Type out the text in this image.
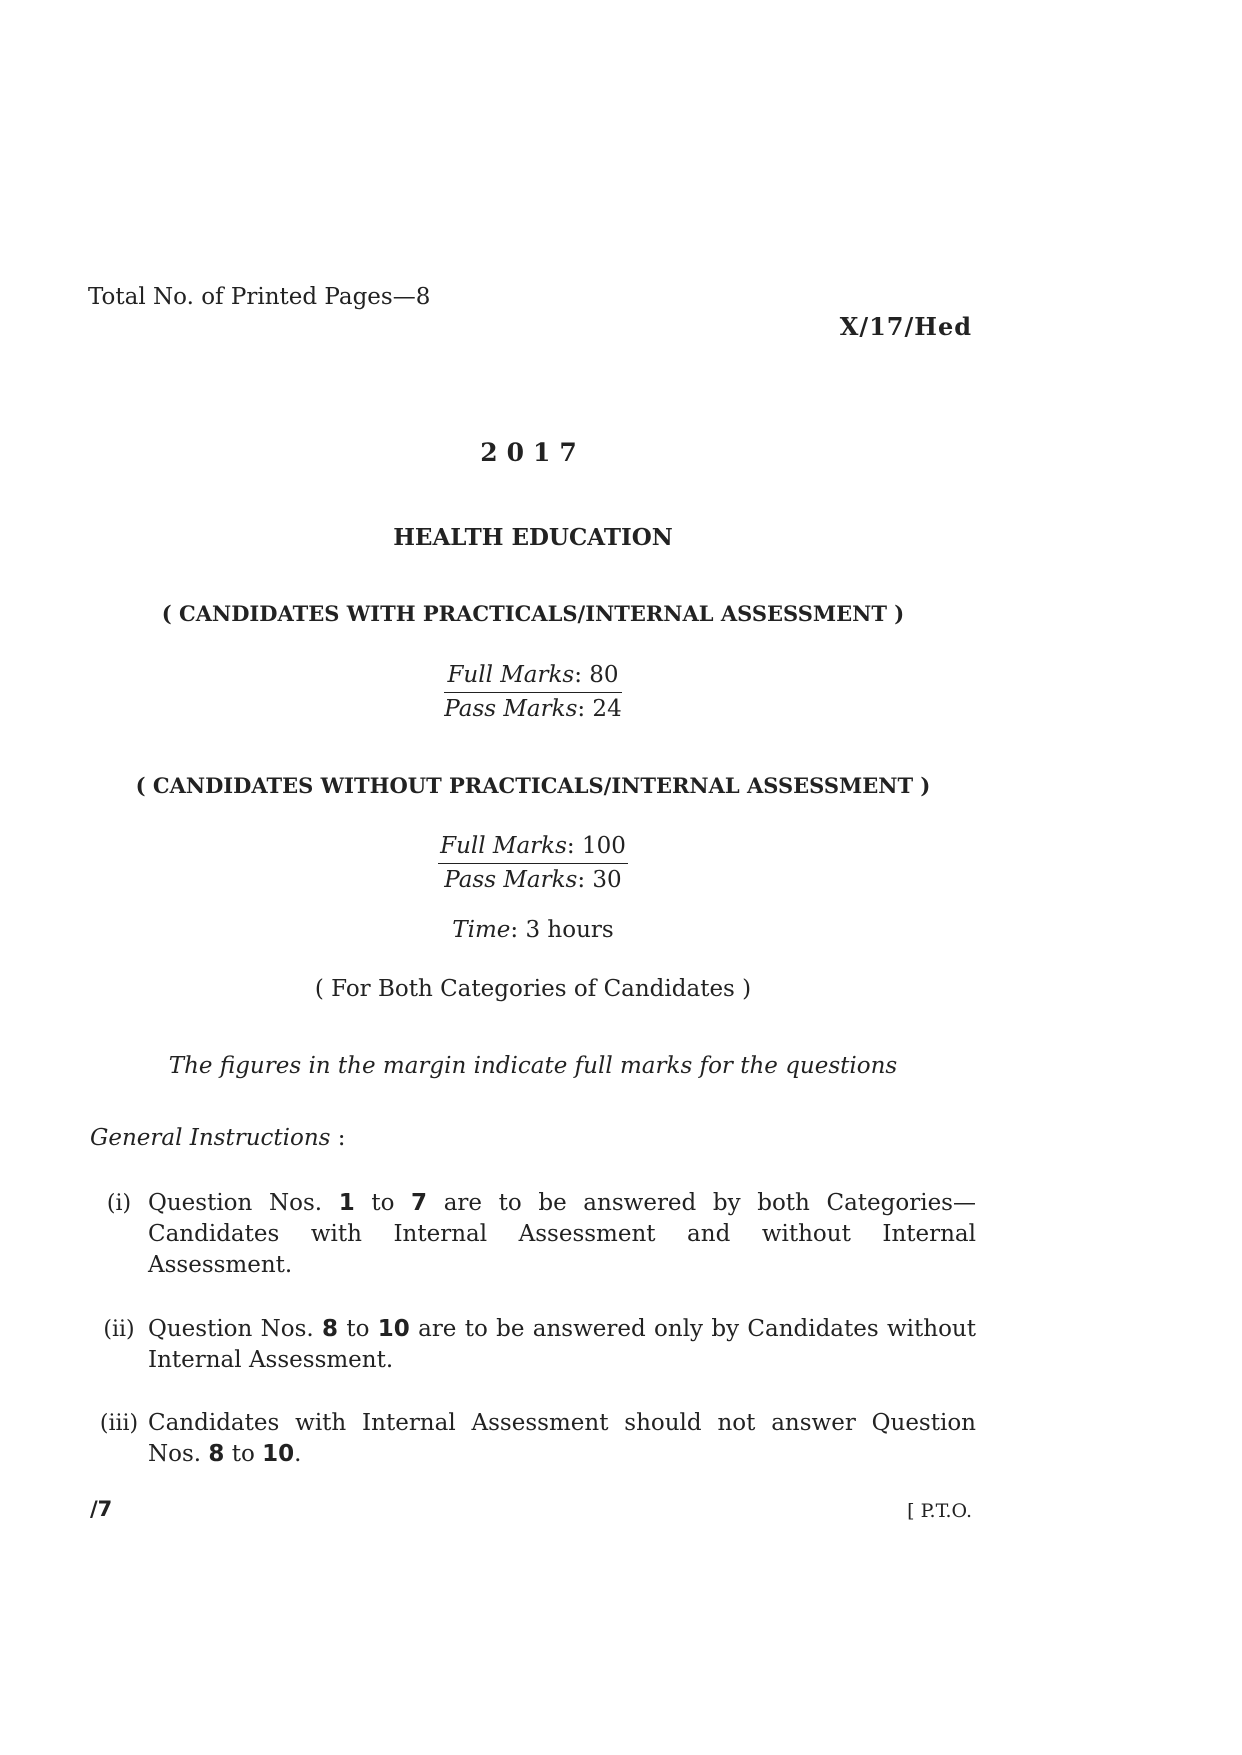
Total No. of Printed Pages—8
X/17/Hed
2017
HEALTH EDUCATION
( CANDIDATES WITH PRACTICALS/INTERNAL ASSESSMENT )
$\frac{\text{Full Marks: 80}}{\text{Pass Marks: 24}}$
( CANDIDATES WITHOUT PRACTICALS/INTERNAL ASSESSMENT )
$\frac{\text{Full Marks: 100}}{\text{Pass Marks: 30}}$
Time: 3 hours
( For Both Categories of Candidates )
The figures in the margin indicate full marks for the questions
General Instructions :
(i) Question Nos. 1 to 7 are to be answered by both Categories—Candidates with Internal Assessment and without Internal Assessment.
(ii) Question Nos. 8 to 10 are to be answered only by Candidates without Internal Assessment.
(iii) Candidates with Internal Assessment should not answer Question Nos. 8 to 10.
/7	[ P.T.O.
